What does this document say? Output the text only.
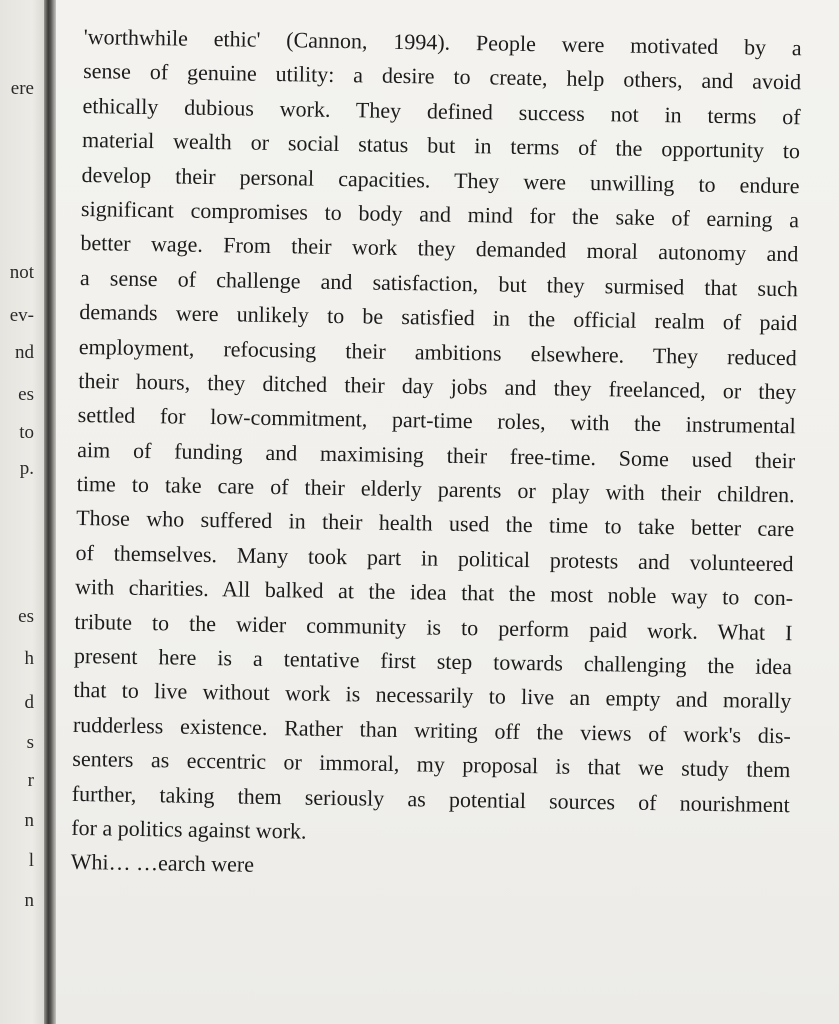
ere
not
ev-
nd
es
to
p.
es
h
d
s
r
n
l
n
'worthwhile ethic' (Cannon, 1994). People were motivated by a
sense of genuine utility: a desire to create, help others, and avoid
ethically dubious work. They defined success not in terms of
material wealth or social status but in terms of the opportunity to
develop their personal capacities. They were unwilling to endure
significant compromises to body and mind for the sake of earning a
better wage. From their work they demanded moral autonomy and
a sense of challenge and satisfaction, but they surmised that such
demands were unlikely to be satisfied in the official realm of paid
employment, refocusing their ambitions elsewhere. They reduced
their hours, they ditched their day jobs and they freelanced, or they
settled for low-commitment, part-time roles, with the instrumental
aim of funding and maximising their free-time. Some used their
time to take care of their elderly parents or play with their children.
Those who suffered in their health used the time to take better care
of themselves. Many took part in political protests and volunteered
with charities. All balked at the idea that the most noble way to con-
tribute to the wider community is to perform paid work. What I
present here is a tentative first step towards challenging the idea
that to live without work is necessarily to live an empty and morally
rudderless existence. Rather than writing off the views of work's dis-
senters as eccentric or immoral, my proposal is that we study them
further, taking them seriously as potential sources of nourishment
for a politics against work.
Whi… …earch were
